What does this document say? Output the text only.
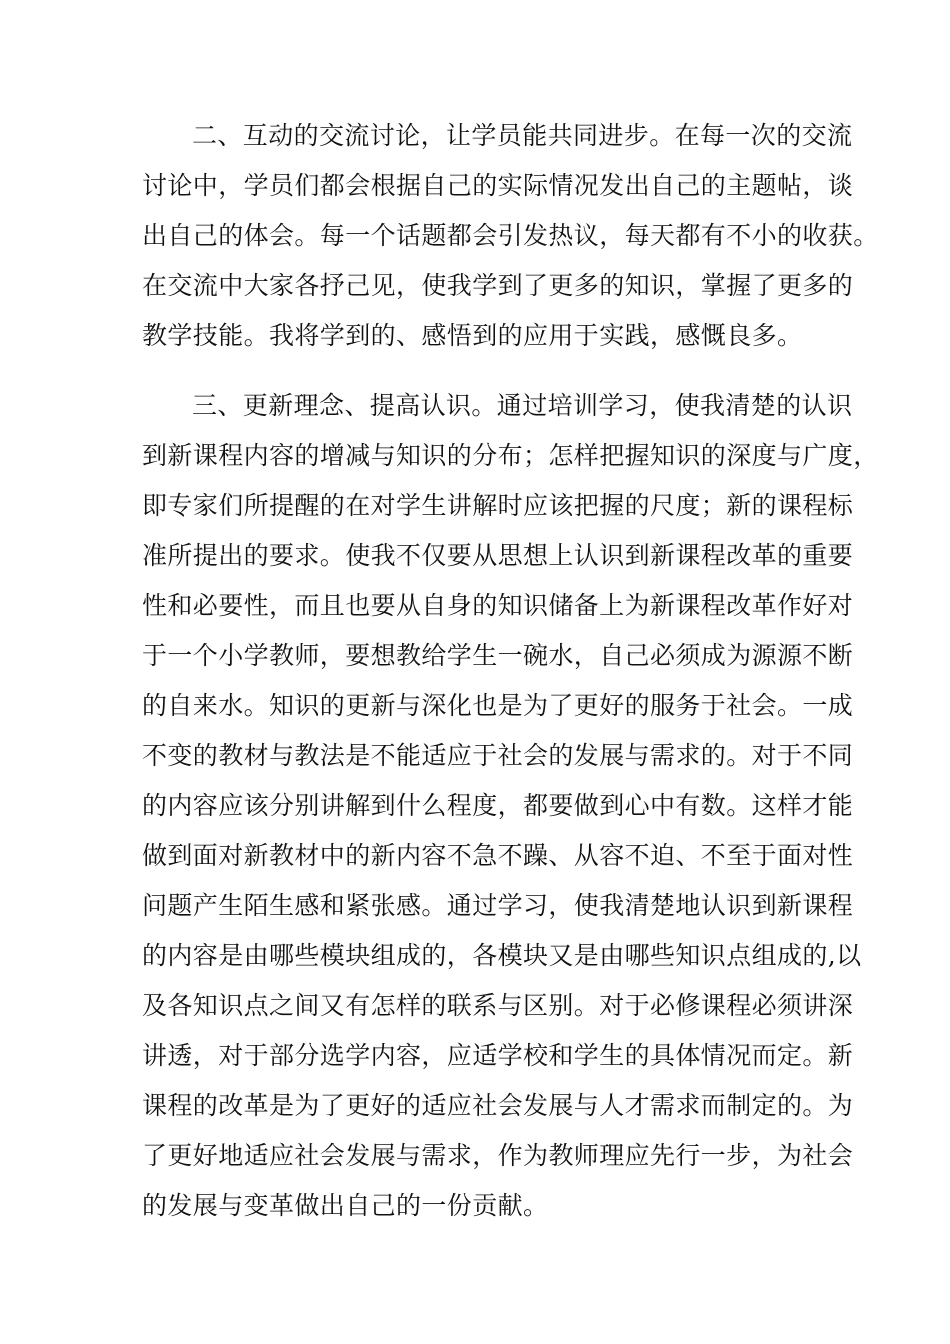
二、互动的交流讨论，让学员能共同进步。在每一次的交流
讨论中，学员们都会根据自己的实际情况发出自己的主题帖，谈
出自己的体会。每一个话题都会引发热议，每天都有不小的收获。
在交流中大家各抒己见，使我学到了更多的知识，掌握了更多的
教学技能。我将学到的、感悟到的应用于实践，感慨良多。
三、更新理念、提高认识。通过培训学习，使我清楚的认识
到新课程内容的增减与知识的分布；怎样把握知识的深度与广度，
即专家们所提醒的在对学生讲解时应该把握的尺度；新的课程标
准所提出的要求。使我不仅要从思想上认识到新课程改革的重要
性和必要性，而且也要从自身的知识储备上为新课程改革作好对
于一个小学教师，要想教给学生一碗水，自己必须成为源源不断
的自来水。知识的更新与深化也是为了更好的服务于社会。一成
不变的教材与教法是不能适应于社会的发展与需求的。对于不同
的内容应该分别讲解到什么程度，都要做到心中有数。这样才能
做到面对新教材中的新内容不急不躁、从容不迫、不至于面对性
问题产生陌生感和紧张感。通过学习，使我清楚地认识到新课程
的内容是由哪些模块组成的，各模块又是由哪些知识点组成的,以
及各知识点之间又有怎样的联系与区别。对于必修课程必须讲深
讲透，对于部分选学内容，应适学校和学生的具体情况而定。新
课程的改革是为了更好的适应社会发展与人才需求而制定的。为
了更好地适应社会发展与需求，作为教师理应先行一步，为社会
的发展与变革做出自己的一份贡献。
